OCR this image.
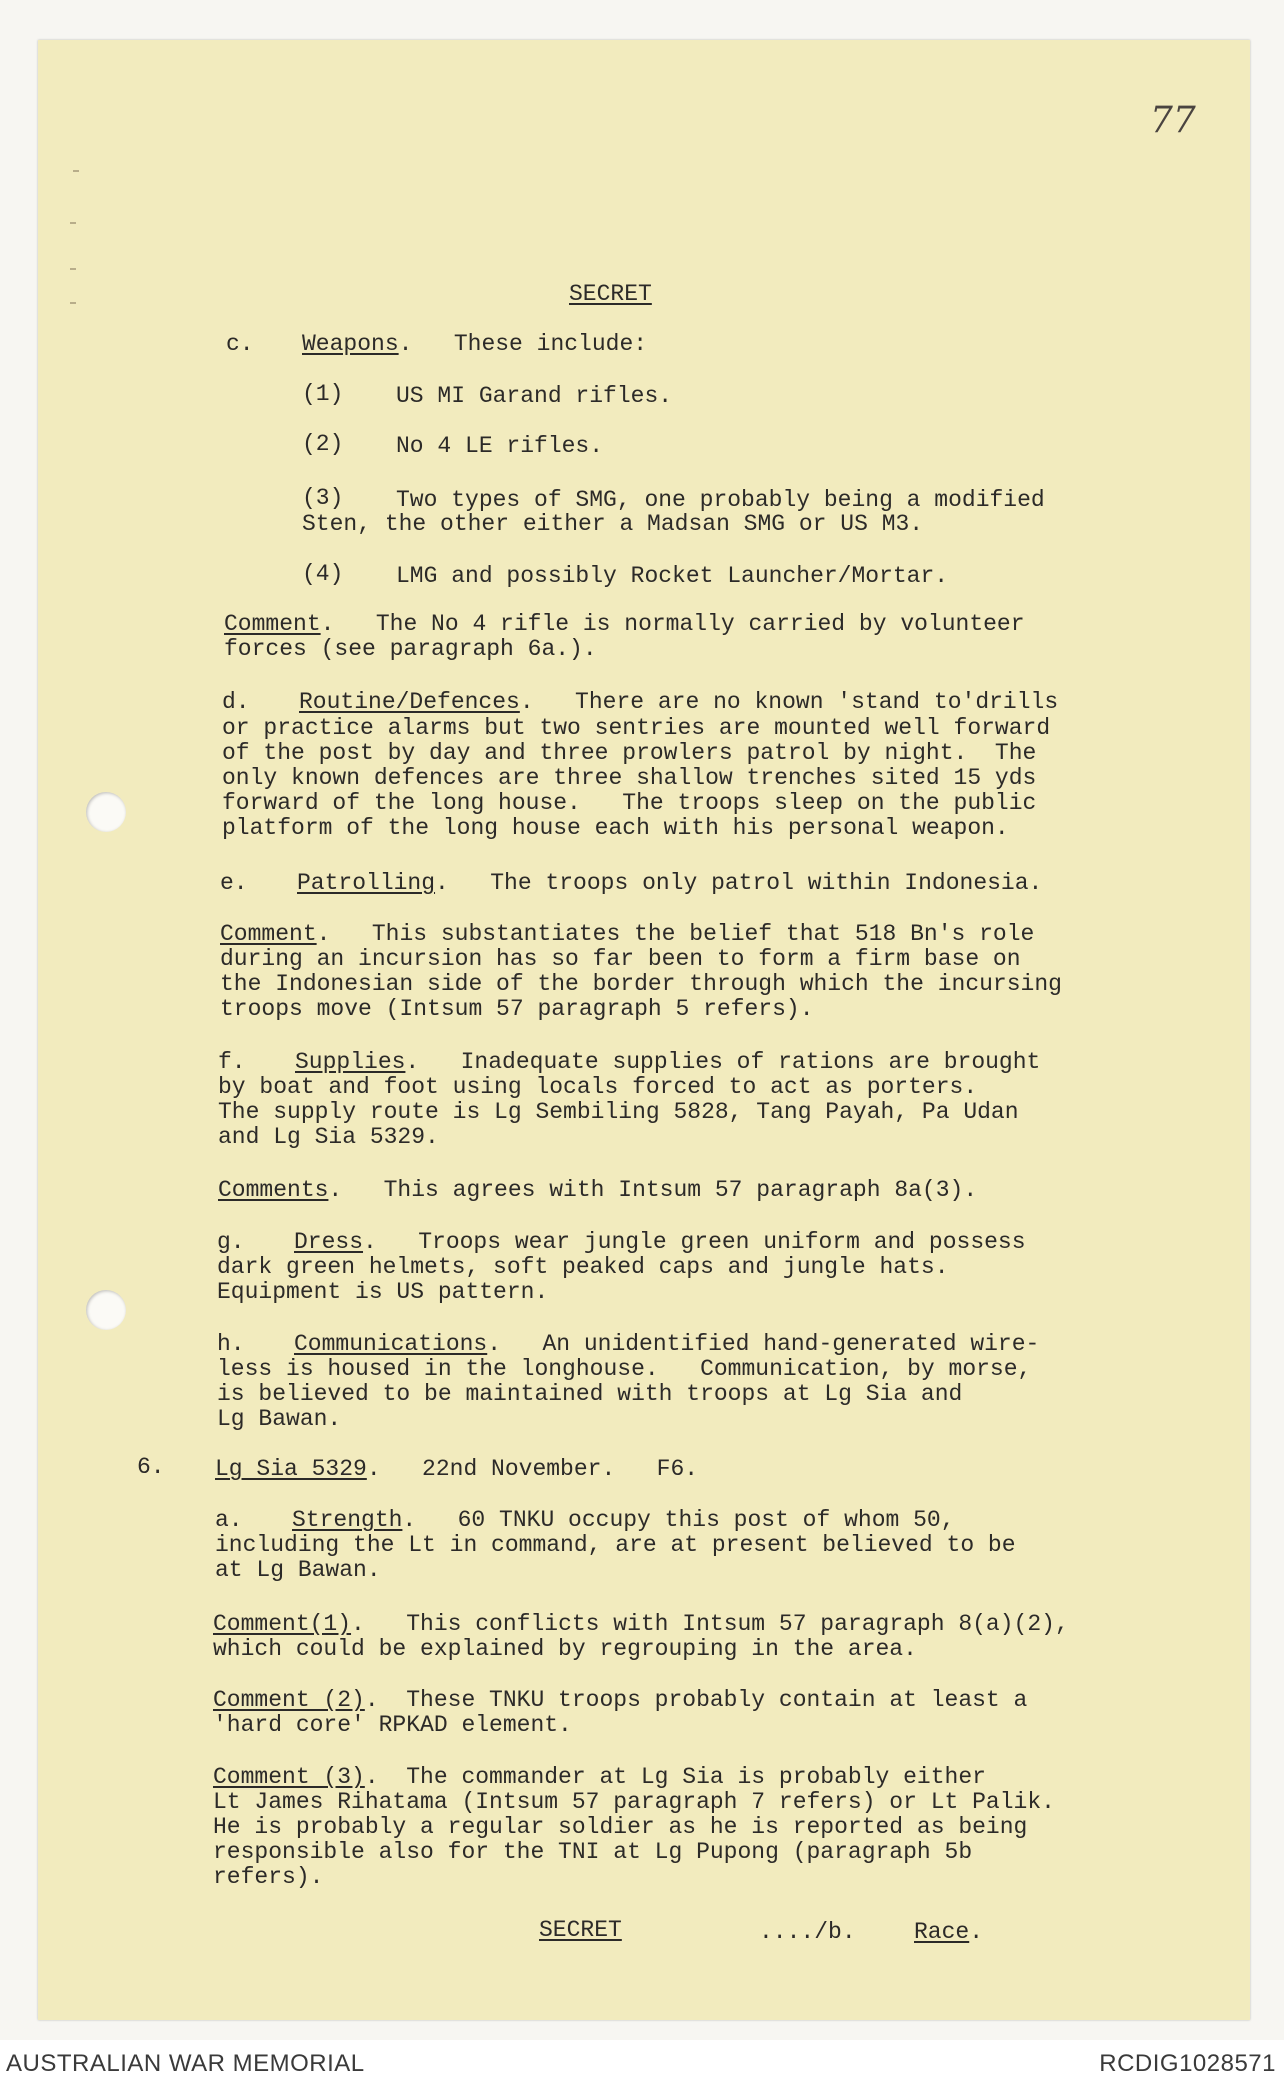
77
SECRET
c. Weapons.   These include:
(1) US MI Garand rifles.
(2) No 4 LE rifles.
(3) Two types of SMG, one probably being a modified
Sten, the other either a Madsan SMG or US M3.
(4) LMG and possibly Rocket Launcher/Mortar.
Comment.   The No 4 rifle is normally carried by volunteer
forces (see paragraph 6a.).
d. Routine/Defences.   There are no known 'stand to'drills
or practice alarms but two sentries are mounted well forward
of the post by day and three prowlers patrol by night.  The
only known defences are three shallow trenches sited 15 yds
forward of the long house.   The troops sleep on the public
platform of the long house each with his personal weapon.
e. Patrolling.   The troops only patrol within Indonesia.
Comment.   This substantiates the belief that 518 Bn's role
during an incursion has so far been to form a firm base on
the Indonesian side of the border through which the incursing
troops move (Intsum 57 paragraph 5 refers).
f. Supplies.   Inadequate supplies of rations are brought
by boat and foot using locals forced to act as porters.
The supply route is Lg Sembiling 5828, Tang Payah, Pa Udan
and Lg Sia 5329.
Comments.   This agrees with Intsum 57 paragraph 8a(3).
g. Dress.   Troops wear jungle green uniform and possess
dark green helmets, soft peaked caps and jungle hats.
Equipment is US pattern.
h. Communications.   An unidentified hand-generated wire-
less is housed in the longhouse.   Communication, by morse,
is believed to be maintained with troops at Lg Sia and
Lg Bawan.
6. Lg Sia 5329.   22nd November.   F6.
a. Strength.   60 TNKU occupy this post of whom 50,
including the Lt in command, are at present believed to be
at Lg Bawan.
Comment(1).   This conflicts with Intsum 57 paragraph 8(a)(2),
which could be explained by regrouping in the area.
Comment (2).  These TNKU troops probably contain at least a
'hard core' RPKAD element.
Comment (3).  The commander at Lg Sia is probably either
Lt James Rihatama (Intsum 57 paragraph 7 refers) or Lt Palik.
He is probably a regular soldier as he is reported as being
responsible also for the TNI at Lg Pupong (paragraph 5b
refers).
SECRET	..../b.	Race.
AUSTRALIAN WAR MEMORIAL	RCDIG1028571
